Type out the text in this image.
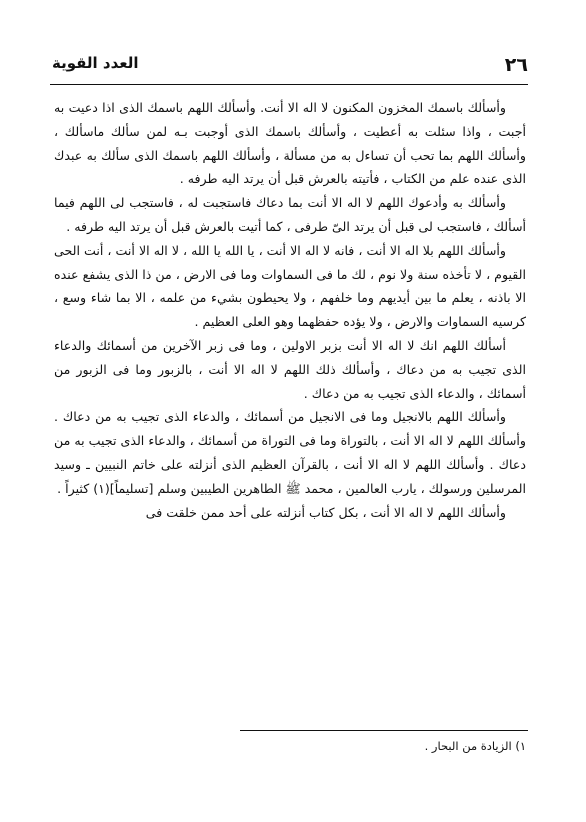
٢٦
العدد القوية

وأسألك باسمك المخزون المكنون لا اله الا أنت. وأسألك اللهم باسمك الذى اذا دعيت به أجبت ، واذا سئلت به أعطيت ، وأسألك باسمك الذى أوجبت بـه لمن سألك ماسألك ، وأسألك اللهم بما تحب أن تساءل به من مسألة ، وأسألك اللهم باسمك الذى سألك به عبدك الذى عنده علم من الكتاب ، فأتيته بالعرش قبل أن يرتد اليه طرفه .

وأسألك به وأدعوك اللهم لا اله الا أنت بما دعاك فاستجبت له ، فاستجب لى اللهم فيما أسألك ، فاستجب لى قبل أن يرتد الىّ طرفى ، كما أتيت بالعرش قبل أن يرتد اليه طرفه .

وأسألك اللهم بلا اله الا أنت ، فانه لا اله الا أنت ، يا الله يا الله ، لا اله الا أنت ، أنت الحى القيوم ، لا تأخذه سنة ولا نوم ، لك ما فى السماوات وما فى الارض ، من ذا الذى يشفع عنده الا باذنه ، يعلم ما بين أيديهم وما خلفهم ، ولا يحيطون بشيء من علمه ، الا بما شاء وسع ، كرسيه السماوات والارض ، ولا يؤده حفظهما وهو العلى العظيم .

أسألك اللهم انك لا اله الا أنت بزبر الاولين ، وما فى زبر الآخرين من أسمائك والدعاء الذى تجيب به من دعاك ، وأسألك ذلك اللهم لا اله الا أنت ، بالزبور وما فى الزبور من أسمائك ، والدعاء الذى تجيب به من دعاك .

وأسألك اللهم بالانجيل وما فى الانجيل من أسمائك ، والدعاء الذى تجيب به من دعاك . وأسألك اللهم لا اله الا أنت ، بالتوراة وما فى التوراة من أسمائك ، والدعاء الذى تجيب به من دعاك . وأسألك اللهم لا اله الا أنت ، بالقرآن العظيم الذى أنزلته على خاتم النبيين ـ وسيد المرسلين ورسولك ، يارب العالمين ، محمد ﷺ الطاهرين الطيبين وسلم [تسليماً](١) كثيراً .

وأسألك اللهم لا اله الا أنت ، بكل كتاب أنزلته على أحد ممن خلقت فى

١) الزيادة من البحار .
